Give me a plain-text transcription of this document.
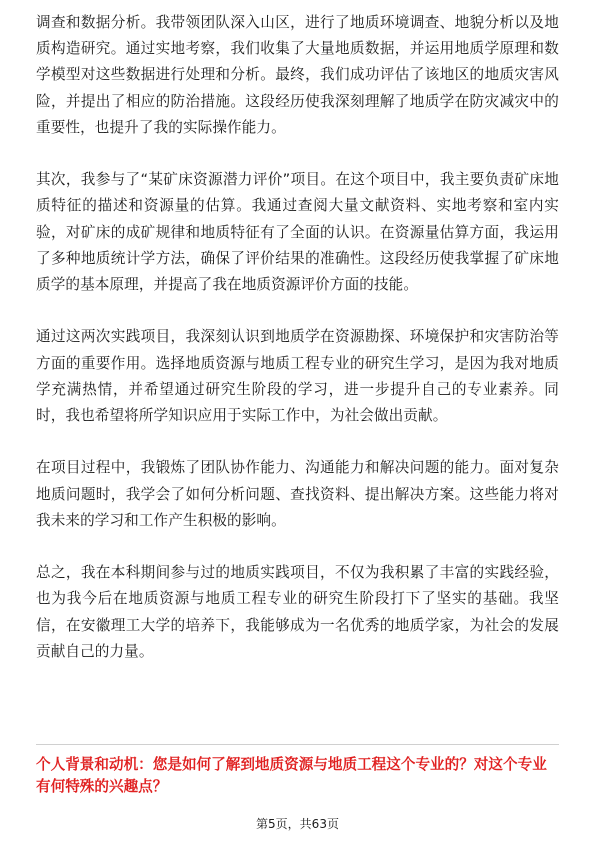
调查和数据分析。我带领团队深入山区，进行了地质环境调查、地貌分析以及地质构造研究。通过实地考察，我们收集了大量地质数据，并运用地质学原理和数学模型对这些数据进行处理和分析。最终，我们成功评估了该地区的地质灾害风险，并提出了相应的防治措施。这段经历使我深刻理解了地质学在防灾减灾中的重要性，也提升了我的实际操作能力。

其次，我参与了“某矿床资源潜力评价”项目。在这个项目中，我主要负责矿床地质特征的描述和资源量的估算。我通过查阅大量文献资料、实地考察和室内实验，对矿床的成矿规律和地质特征有了全面的认识。在资源量估算方面，我运用了多种地质统计学方法，确保了评价结果的准确性。这段经历使我掌握了矿床地质学的基本原理，并提高了我在地质资源评价方面的技能。

通过这两次实践项目，我深刻认识到地质学在资源勘探、环境保护和灾害防治等方面的重要作用。选择地质资源与地质工程专业的研究生学习，是因为我对地质学充满热情，并希望通过研究生阶段的学习，进一步提升自己的专业素养。同时，我也希望将所学知识应用于实际工作中，为社会做出贡献。

在项目过程中，我锻炼了团队协作能力、沟通能力和解决问题的能力。面对复杂地质问题时，我学会了如何分析问题、查找资料、提出解决方案。这些能力将对我未来的学习和工作产生积极的影响。

总之，我在本科期间参与过的地质实践项目，不仅为我积累了丰富的实践经验，也为我今后在地质资源与地质工程专业的研究生阶段打下了坚实的基础。我坚信，在安徽理工大学的培养下，我能够成为一名优秀的地质学家，为社会的发展贡献自己的力量。

个人背景和动机：您是如何了解到地质资源与地质工程这个专业的？对这个专业有何特殊的兴趣点？

第5页，共63页
